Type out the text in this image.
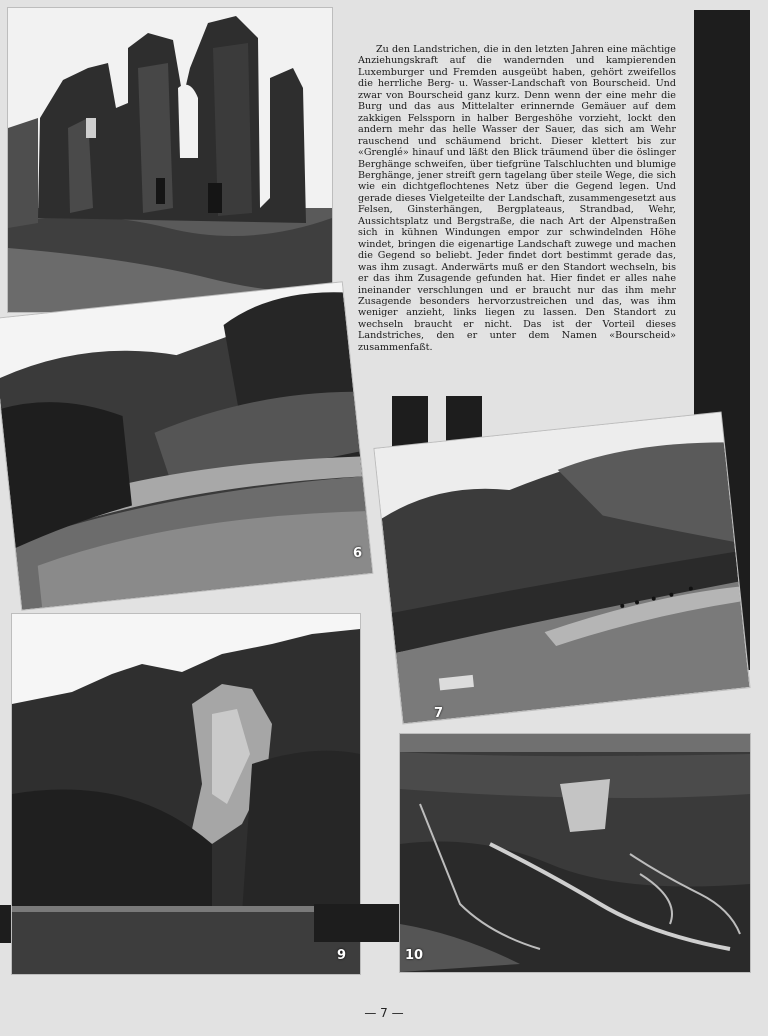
6

Zu den Landstrichen, die in den letzten Jahren eine mächtige Anziehungskraft auf die wandernden und kampierenden Luxemburger und Fremden ausgeübt haben, gehört zweifellos die herrliche Berg- u. Wasser-Landschaft von Bourscheid. Und zwar von Bourscheid ganz kurz. Denn wenn der eine mehr die Burg und das aus Mittelalter erinnernde Gemäuer auf dem zakkigen Felssporn in halber Bergeshöhe vorzieht, lockt den andern mehr das helle Wasser der Sauer, das sich am Wehr rauschend und schäumend bricht. Dieser klettert bis zur «Grenglé» hinauf und läßt den Blick träumend über die öslinger Berghänge schweifen, über tiefgrüne Talschluchten und blumige Berghänge, jener streift gern tagelang über steile Wege, die sich wie ein dichtgeflochtenes Netz über die Gegend legen. Und gerade dieses Vielgeteilte der Landschaft, zusammengesetzt aus Felsen, Ginsterhängen, Bergplateaus, Strandbad, Wehr, Aussichtsplatz und Bergstraße, die nach Art der Alpenstraßen sich in kühnen Windungen empor zur schwindelnden Höhe windet, bringen die eigenartige Landschaft zuwege und machen die Gegend so beliebt. Jeder findet dort bestimmt gerade das, was ihm zusagt. Anderwärts muß er den Standort wechseln, bis er das ihm Zusagende gefunden hat. Hier findet er alles nahe ineinander verschlungen und er braucht nur das ihm mehr Zusagende besonders hervorzustreichen und das, was ihm weniger anzieht, links liegen zu lassen. Den Standort zu wechseln braucht er nicht. Das ist der Vorteil dieses Landstriches, den er unter dem Namen «Bourscheid» zusammenfaßt.

7
9	10
— 7 —
